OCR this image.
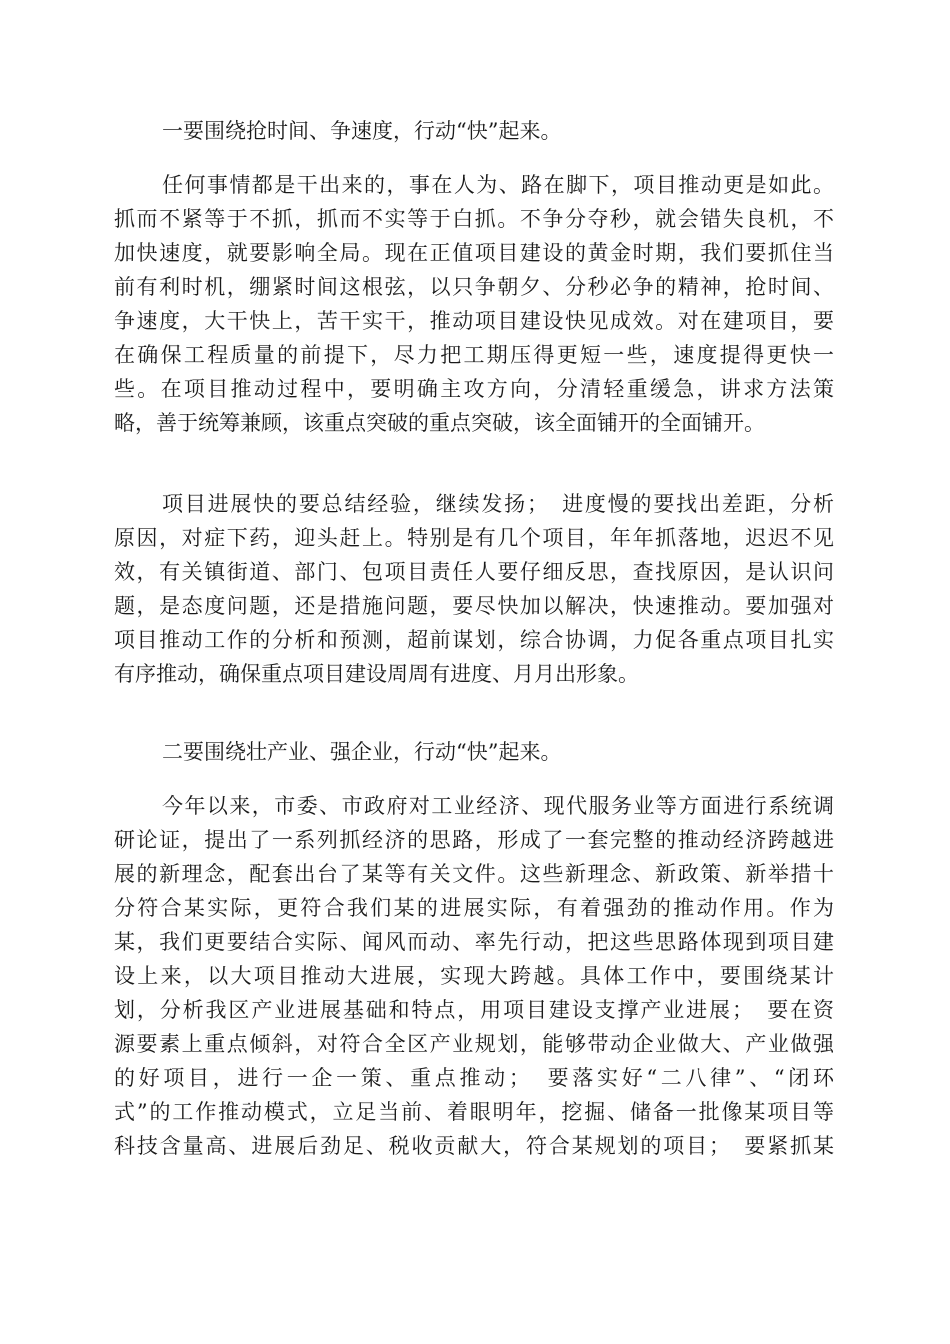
一要围绕抢时间、争速度，行动“快”起来。
任何事情都是干出来的，事在人为、路在脚下，项目推动更是如此。
抓而不紧等于不抓，抓而不实等于白抓。不争分夺秒，就会错失良机，不
加快速度，就要影响全局。现在正值项目建设的黄金时期，我们要抓住当
前有利时机，绷紧时间这根弦，以只争朝夕、分秒必争的精神，抢时间、
争速度，大干快上，苦干实干，推动项目建设快见成效。对在建项目，要
在确保工程质量的前提下，尽力把工期压得更短一些，速度提得更快一
些。在项目推动过程中，要明确主攻方向，分清轻重缓急，讲求方法策
略，善于统筹兼顾，该重点突破的重点突破，该全面铺开的全面铺开。
项目进展快的要总结经验，继续发扬；　进度慢的要找出差距，分析
原因，对症下药，迎头赶上。特别是有几个项目，年年抓落地，迟迟不见
效，有关镇街道、部门、包项目责任人要仔细反思，查找原因，是认识问
题，是态度问题，还是措施问题，要尽快加以解决，快速推动。要加强对
项目推动工作的分析和预测，超前谋划，综合协调，力促各重点项目扎实
有序推动，确保重点项目建设周周有进度、月月出形象。
二要围绕壮产业、强企业，行动“快”起来。
今年以来，市委、市政府对工业经济、现代服务业等方面进行系统调
研论证，提出了一系列抓经济的思路，形成了一套完整的推动经济跨越进
展的新理念，配套出台了某等有关文件。这些新理念、新政策、新举措十
分符合某实际，更符合我们某的进展实际，有着强劲的推动作用。作为
某，我们更要结合实际、闻风而动、率先行动，把这些思路体现到项目建
设上来，以大项目推动大进展，实现大跨越。具体工作中，要围绕某计
划，分析我区产业进展基础和特点，用项目建设支撑产业进展；　要在资
源要素上重点倾斜，对符合全区产业规划，能够带动企业做大、产业做强
的好项目，进行一企一策、重点推动；　要落实好“二八律”、“闭环
式”的工作推动模式，立足当前、着眼明年，挖掘、储备一批像某项目等
科技含量高、进展后劲足、税收贡献大，符合某规划的项目；　要紧抓某
